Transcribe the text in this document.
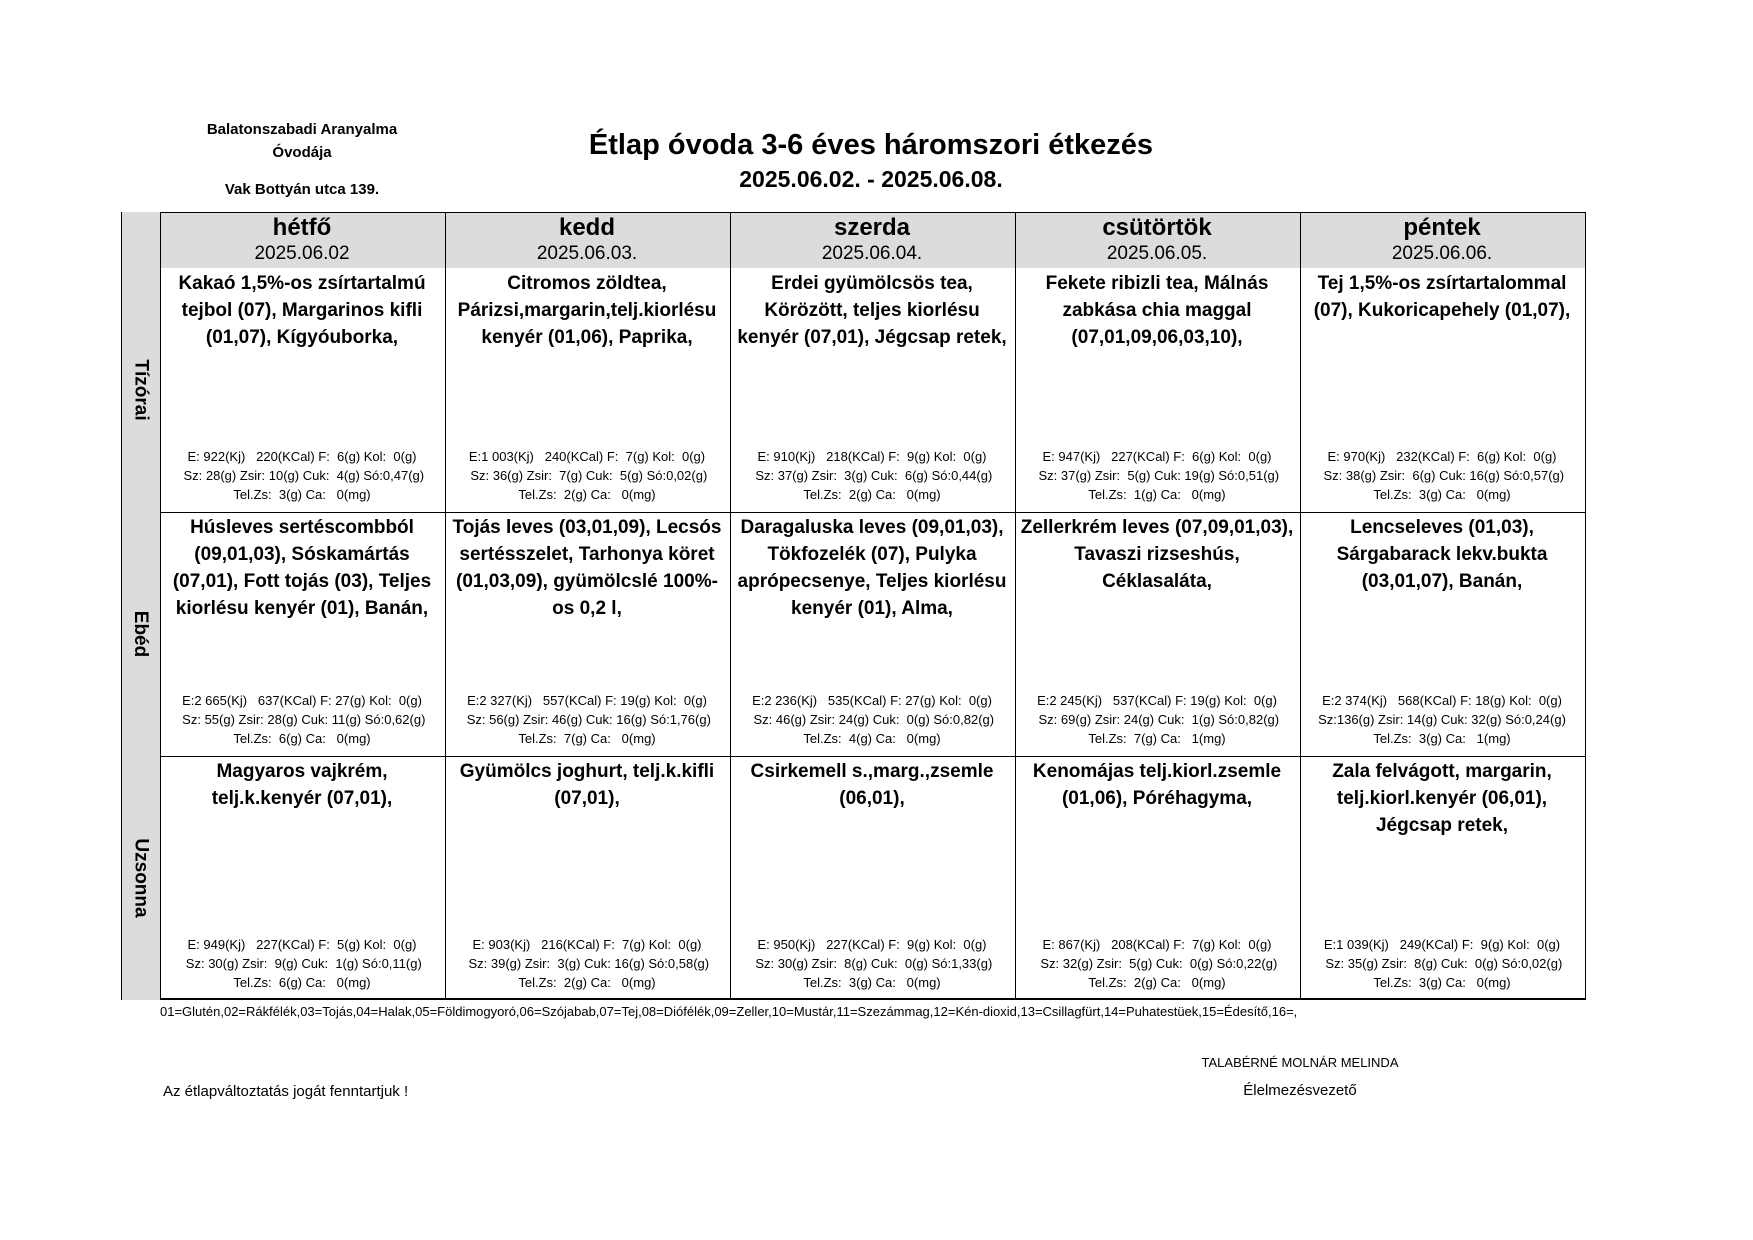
Balatonszabadi Aranyalma
Óvodája
Vak Bottyán utca 139.
Étlap óvoda 3-6 éves háromszori étkezés
2025.06.02. - 2025.06.08.
hétfő
2025.06.02
kedd
2025.06.03.
szerda
2025.06.04.
csütörtök
2025.06.05.
péntek
2025.06.06.
Tízórai
Kakaó 1,5%-os zsírtartalmú tejbol (07), Margarinos kifli (01,07), Kígyóuborka,
E: 922(Kj)   220(KCal) F:  6(g) Kol:  0(g)
Sz: 28(g) Zsir: 10(g) Cuk:  4(g) Só:0,47(g)
Tel.Zs:  3(g) Ca:   0(mg)
Citromos zöldtea, Párizsi,margarin,telj.kiorlésu kenyér (01,06), Paprika,
E:1 003(Kj)   240(KCal) F:  7(g) Kol:  0(g)
Sz: 36(g) Zsir:  7(g) Cuk:  5(g) Só:0,02(g)
Tel.Zs:  2(g) Ca:   0(mg)
Erdei gyümölcsös tea, Körözött, teljes kiorlésu kenyér (07,01), Jégcsap retek,
E: 910(Kj)   218(KCal) F:  9(g) Kol:  0(g)
Sz: 37(g) Zsir:  3(g) Cuk:  6(g) Só:0,44(g)
Tel.Zs:  2(g) Ca:   0(mg)
Fekete ribizli tea, Málnás zabkása chia maggal (07,01,09,06,03,10),
E: 947(Kj)   227(KCal) F:  6(g) Kol:  0(g)
Sz: 37(g) Zsir:  5(g) Cuk: 19(g) Só:0,51(g)
Tel.Zs:  1(g) Ca:   0(mg)
Tej 1,5%-os zsírtartalommal (07), Kukoricapehely (01,07),
E: 970(Kj)   232(KCal) F:  6(g) Kol:  0(g)
Sz: 38(g) Zsir:  6(g) Cuk: 16(g) Só:0,57(g)
Tel.Zs:  3(g) Ca:   0(mg)
Ebéd
Húsleves sertéscombból (09,01,03), Sóskamártás (07,01), Fott tojás (03), Teljes kiorlésu kenyér (01), Banán,
E:2 665(Kj)   637(KCal) F: 27(g) Kol:  0(g)
Sz: 55(g) Zsir: 28(g) Cuk: 11(g) Só:0,62(g)
Tel.Zs:  6(g) Ca:   0(mg)
Tojás leves (03,01,09), Lecsós sertésszelet, Tarhonya köret (01,03,09), gyümölcslé 100%-os 0,2 l,
E:2 327(Kj)   557(KCal) F: 19(g) Kol:  0(g)
Sz: 56(g) Zsir: 46(g) Cuk: 16(g) Só:1,76(g)
Tel.Zs:  7(g) Ca:   0(mg)
Daragaluska leves (09,01,03), Tökfozelék (07), Pulyka aprópecsenye, Teljes kiorlésu kenyér (01), Alma,
E:2 236(Kj)   535(KCal) F: 27(g) Kol:  0(g)
Sz: 46(g) Zsir: 24(g) Cuk:  0(g) Só:0,82(g)
Tel.Zs:  4(g) Ca:   0(mg)
Zellerkrém leves (07,09,01,03), Tavaszi rizseshús, Céklasaláta,
E:2 245(Kj)   537(KCal) F: 19(g) Kol:  0(g)
Sz: 69(g) Zsir: 24(g) Cuk:  1(g) Só:0,82(g)
Tel.Zs:  7(g) Ca:   1(mg)
Lencseleves (01,03), Sárgabarack lekv.bukta (03,01,07), Banán,
E:2 374(Kj)   568(KCal) F: 18(g) Kol:  0(g)
Sz:136(g) Zsir: 14(g) Cuk: 32(g) Só:0,24(g)
Tel.Zs:  3(g) Ca:   1(mg)
Uzsonna
Magyaros vajkrém, telj.k.kenyér (07,01),
E: 949(Kj)   227(KCal) F:  5(g) Kol:  0(g)
Sz: 30(g) Zsir:  9(g) Cuk:  1(g) Só:0,11(g)
Tel.Zs:  6(g) Ca:   0(mg)
Gyümölcs joghurt, telj.k.kifli (07,01),
E: 903(Kj)   216(KCal) F:  7(g) Kol:  0(g)
Sz: 39(g) Zsir:  3(g) Cuk: 16(g) Só:0,58(g)
Tel.Zs:  2(g) Ca:   0(mg)
Csirkemell s.,marg.,zsemle (06,01),
E: 950(Kj)   227(KCal) F:  9(g) Kol:  0(g)
Sz: 30(g) Zsir:  8(g) Cuk:  0(g) Só:1,33(g)
Tel.Zs:  3(g) Ca:   0(mg)
Kenomájas telj.kiorl.zsemle (01,06), Póréhagyma,
E: 867(Kj)   208(KCal) F:  7(g) Kol:  0(g)
Sz: 32(g) Zsir:  5(g) Cuk:  0(g) Só:0,22(g)
Tel.Zs:  2(g) Ca:   0(mg)
Zala felvágott, margarin, telj.kiorl.kenyér (06,01), Jégcsap retek,
E:1 039(Kj)   249(KCal) F:  9(g) Kol:  0(g)
Sz: 35(g) Zsir:  8(g) Cuk:  0(g) Só:0,02(g)
Tel.Zs:  3(g) Ca:   0(mg)
01=Glutén,02=Rákfélék,03=Tojás,04=Halak,05=Földimogyoró,06=Szójabab,07=Tej,08=Diófélék,09=Zeller,10=Mustár,11=Szezámmag,12=Kén-dioxid,13=Csillagfürt,14=Puhatestüek,15=Édesítő,16=,
Az étlapváltoztatás jogát fenntartjuk !
TALABÉRNÉ MOLNÁR MELINDA
Élelmezésvezető
